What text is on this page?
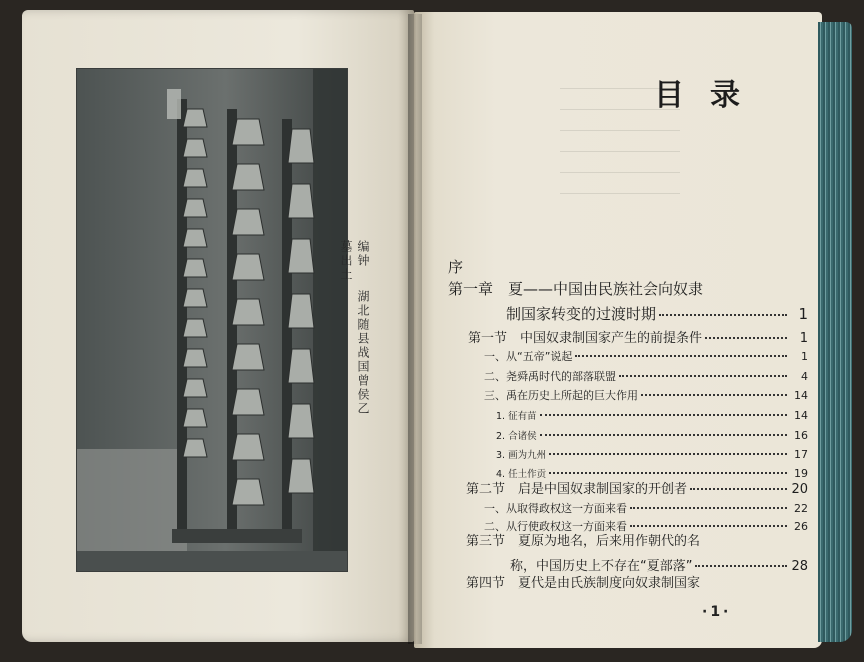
编钟 湖北随县战国曾侯乙墓出土
目录
序
第一章　夏——中国由民族社会向奴隶
制国家转变的过渡时期	1
第一节　中国奴隶制国家产生的前提条件	1
一、从“五帝”说起	1
二、尧舜禹时代的部落联盟	4
三、禹在历史上所起的巨大作用	14
1. 征有苗	14
2. 合诸侯	16
3. 画为九州	17
4. 任土作贡	19
第二节　启是中国奴隶制国家的开创者	20
一、从取得政权这一方面来看	22
二、从行使政权这一方面来看	26
第三节　夏原为地名，后来用作朝代的名
称，中国历史上不存在“夏部落”	28
第四节　夏代是由氏族制度向奴隶制国家
·1·
